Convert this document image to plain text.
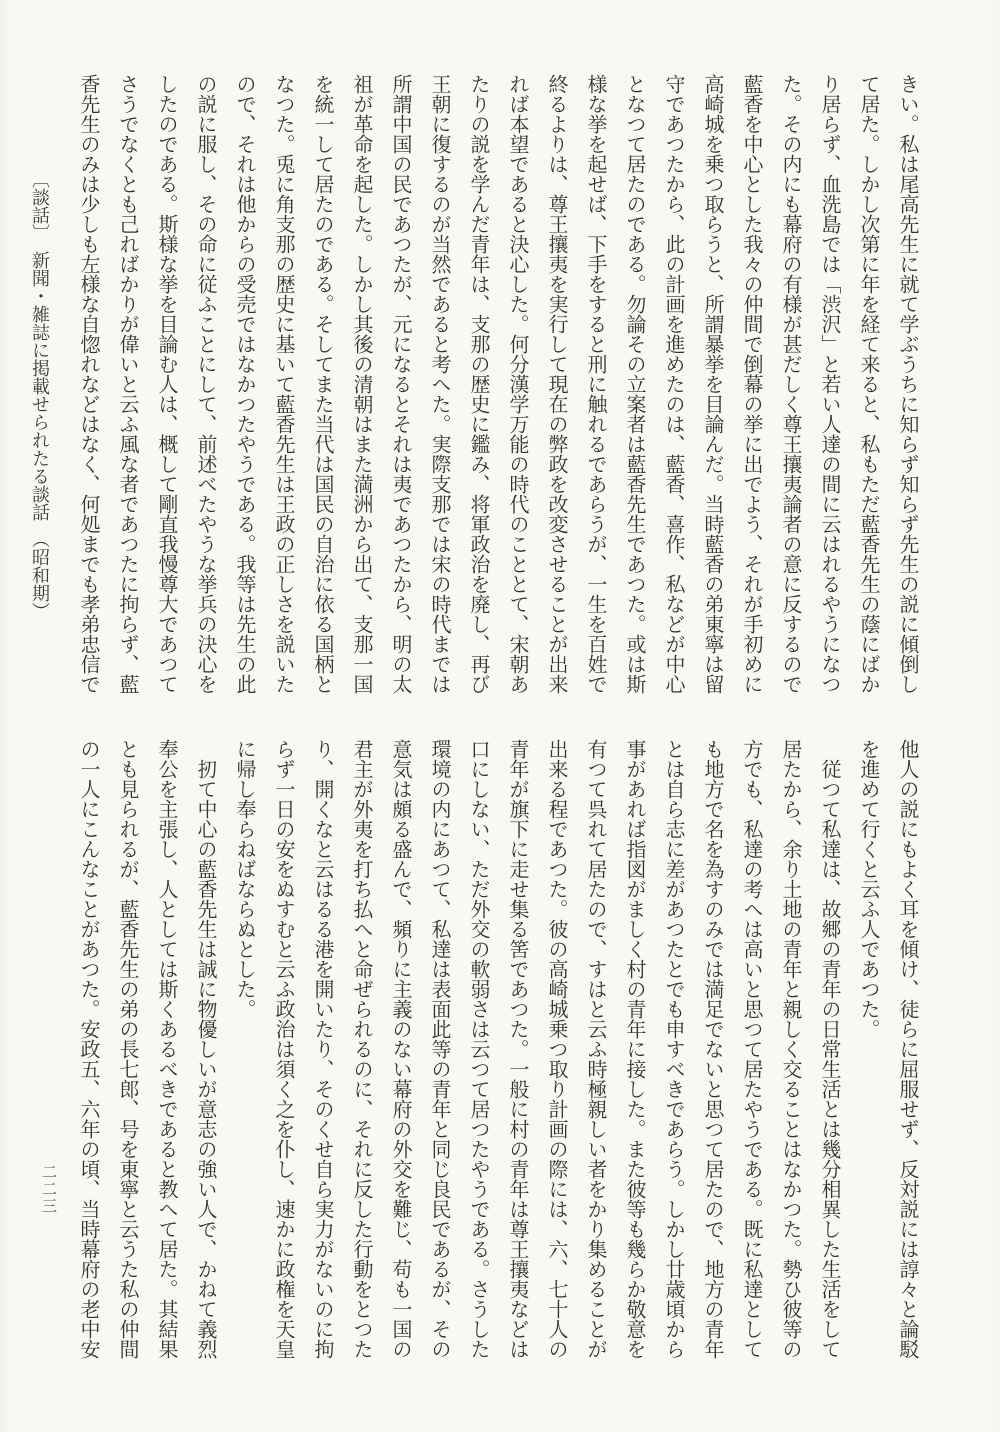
きい。私は尾高先生に就て学ぶうちに知らず知らず先生の説に傾倒して居た。しかし次第に年を経て来ると、私もただ藍香先生の蔭にばかり居らず、血洗島では「渋沢」と若い人達の間に云はれるやうになつた。その内にも幕府の有様が甚だしく尊王攘夷論者の意に反するので藍香を中心とした我々の仲間で倒幕の挙に出でよう、それが手初めに高崎城を乗つ取らうと、所謂暴挙を目論んだ。当時藍香の弟東寧は留守であつたから、此の計画を進めたのは、藍香、喜作、私などが中心となつて居たのである。勿論その立案者は藍香先生であつた。或は斯様な挙を起せば、下手をすると刑に触れるであらうが、一生を百姓で終るよりは、尊王攘夷を実行して現在の弊政を改変させることが出来れば本望であると決心した。何分漢学万能の時代のこととて、宋朝あたりの説を学んだ青年は、支那の歴史に鑑み、将軍政治を廃し、再び王朝に復するのが当然であると考へた。実際支那では宋の時代までは所謂中国の民であつたが、元になるとそれは夷であつたから、明の太祖が革命を起した。しかし其後の清朝はまた満洲から出て、支那一国を統一して居たのである。そしてまた当代は国民の自治に依る国柄となつた。兎に角支那の歴史に基いて藍香先生は王政の正しさを説いたので、それは他からの受売ではなかつたやうである。我等は先生の此の説に服し、その命に従ふことにして、前述べたやうな挙兵の決心をしたのである。斯様な挙を目論む人は、概して剛直我慢尊大であつてさうでなくとも己ればかりが偉いと云ふ風な者であつたに拘らず、藍香先生のみは少しも左様な自惚れなどはなく、何処までも孝弟忠信で

〔談話〕　新聞・雑誌に掲載せられたる談話　（昭和期）

他人の説にもよく耳を傾け、徒らに屈服せず、反対説には諄々と論駁を進めて行くと云ふ人であつた。

従つて私達は、故郷の青年の日常生活とは幾分相異した生活をして居たから、余り土地の青年と親しく交ることはなかつた。勢ひ彼等の方でも、私達の考へは高いと思つて居たやうである。既に私達としても地方で名を為すのみでは満足でないと思つて居たので、地方の青年とは自ら志に差があつたとでも申すべきであらう。しかし廿歳頃から事があれば指図がましく村の青年に接した。また彼等も幾らか敬意を有つて呉れて居たので、すはと云ふ時極親しい者をかり集めることが出来る程であつた。彼の高崎城乗つ取り計画の際には、六、七十人の青年が旗下に走せ集る筈であつた。一般に村の青年は尊王攘夷などは口にしない、ただ外交の軟弱さは云つて居つたやうである。さうした環境の内にあつて、私達は表面此等の青年と同じ良民であるが、その意気は頗る盛んで、頻りに主義のない幕府の外交を難じ、苟も一国の君主が外夷を打ち払へと命ぜられるのに、それに反した行動をとつたり、開くなと云はるる港を開いたり、そのくせ自ら実力がないのに拘らず一日の安をぬすむと云ふ政治は須く之を仆し、速かに政権を天皇に帰し奉らねばならぬとした。

扨て中心の藍香先生は誠に物優しいが意志の強い人で、かねて義烈奉公を主張し、人としては斯くあるべきであると教へて居た。其結果とも見られるが、藍香先生の弟の長七郎、号を東寧と云うた私の仲間の一人にこんなことがあつた。安政五、六年の頃、当時幕府の老中安

二二三
